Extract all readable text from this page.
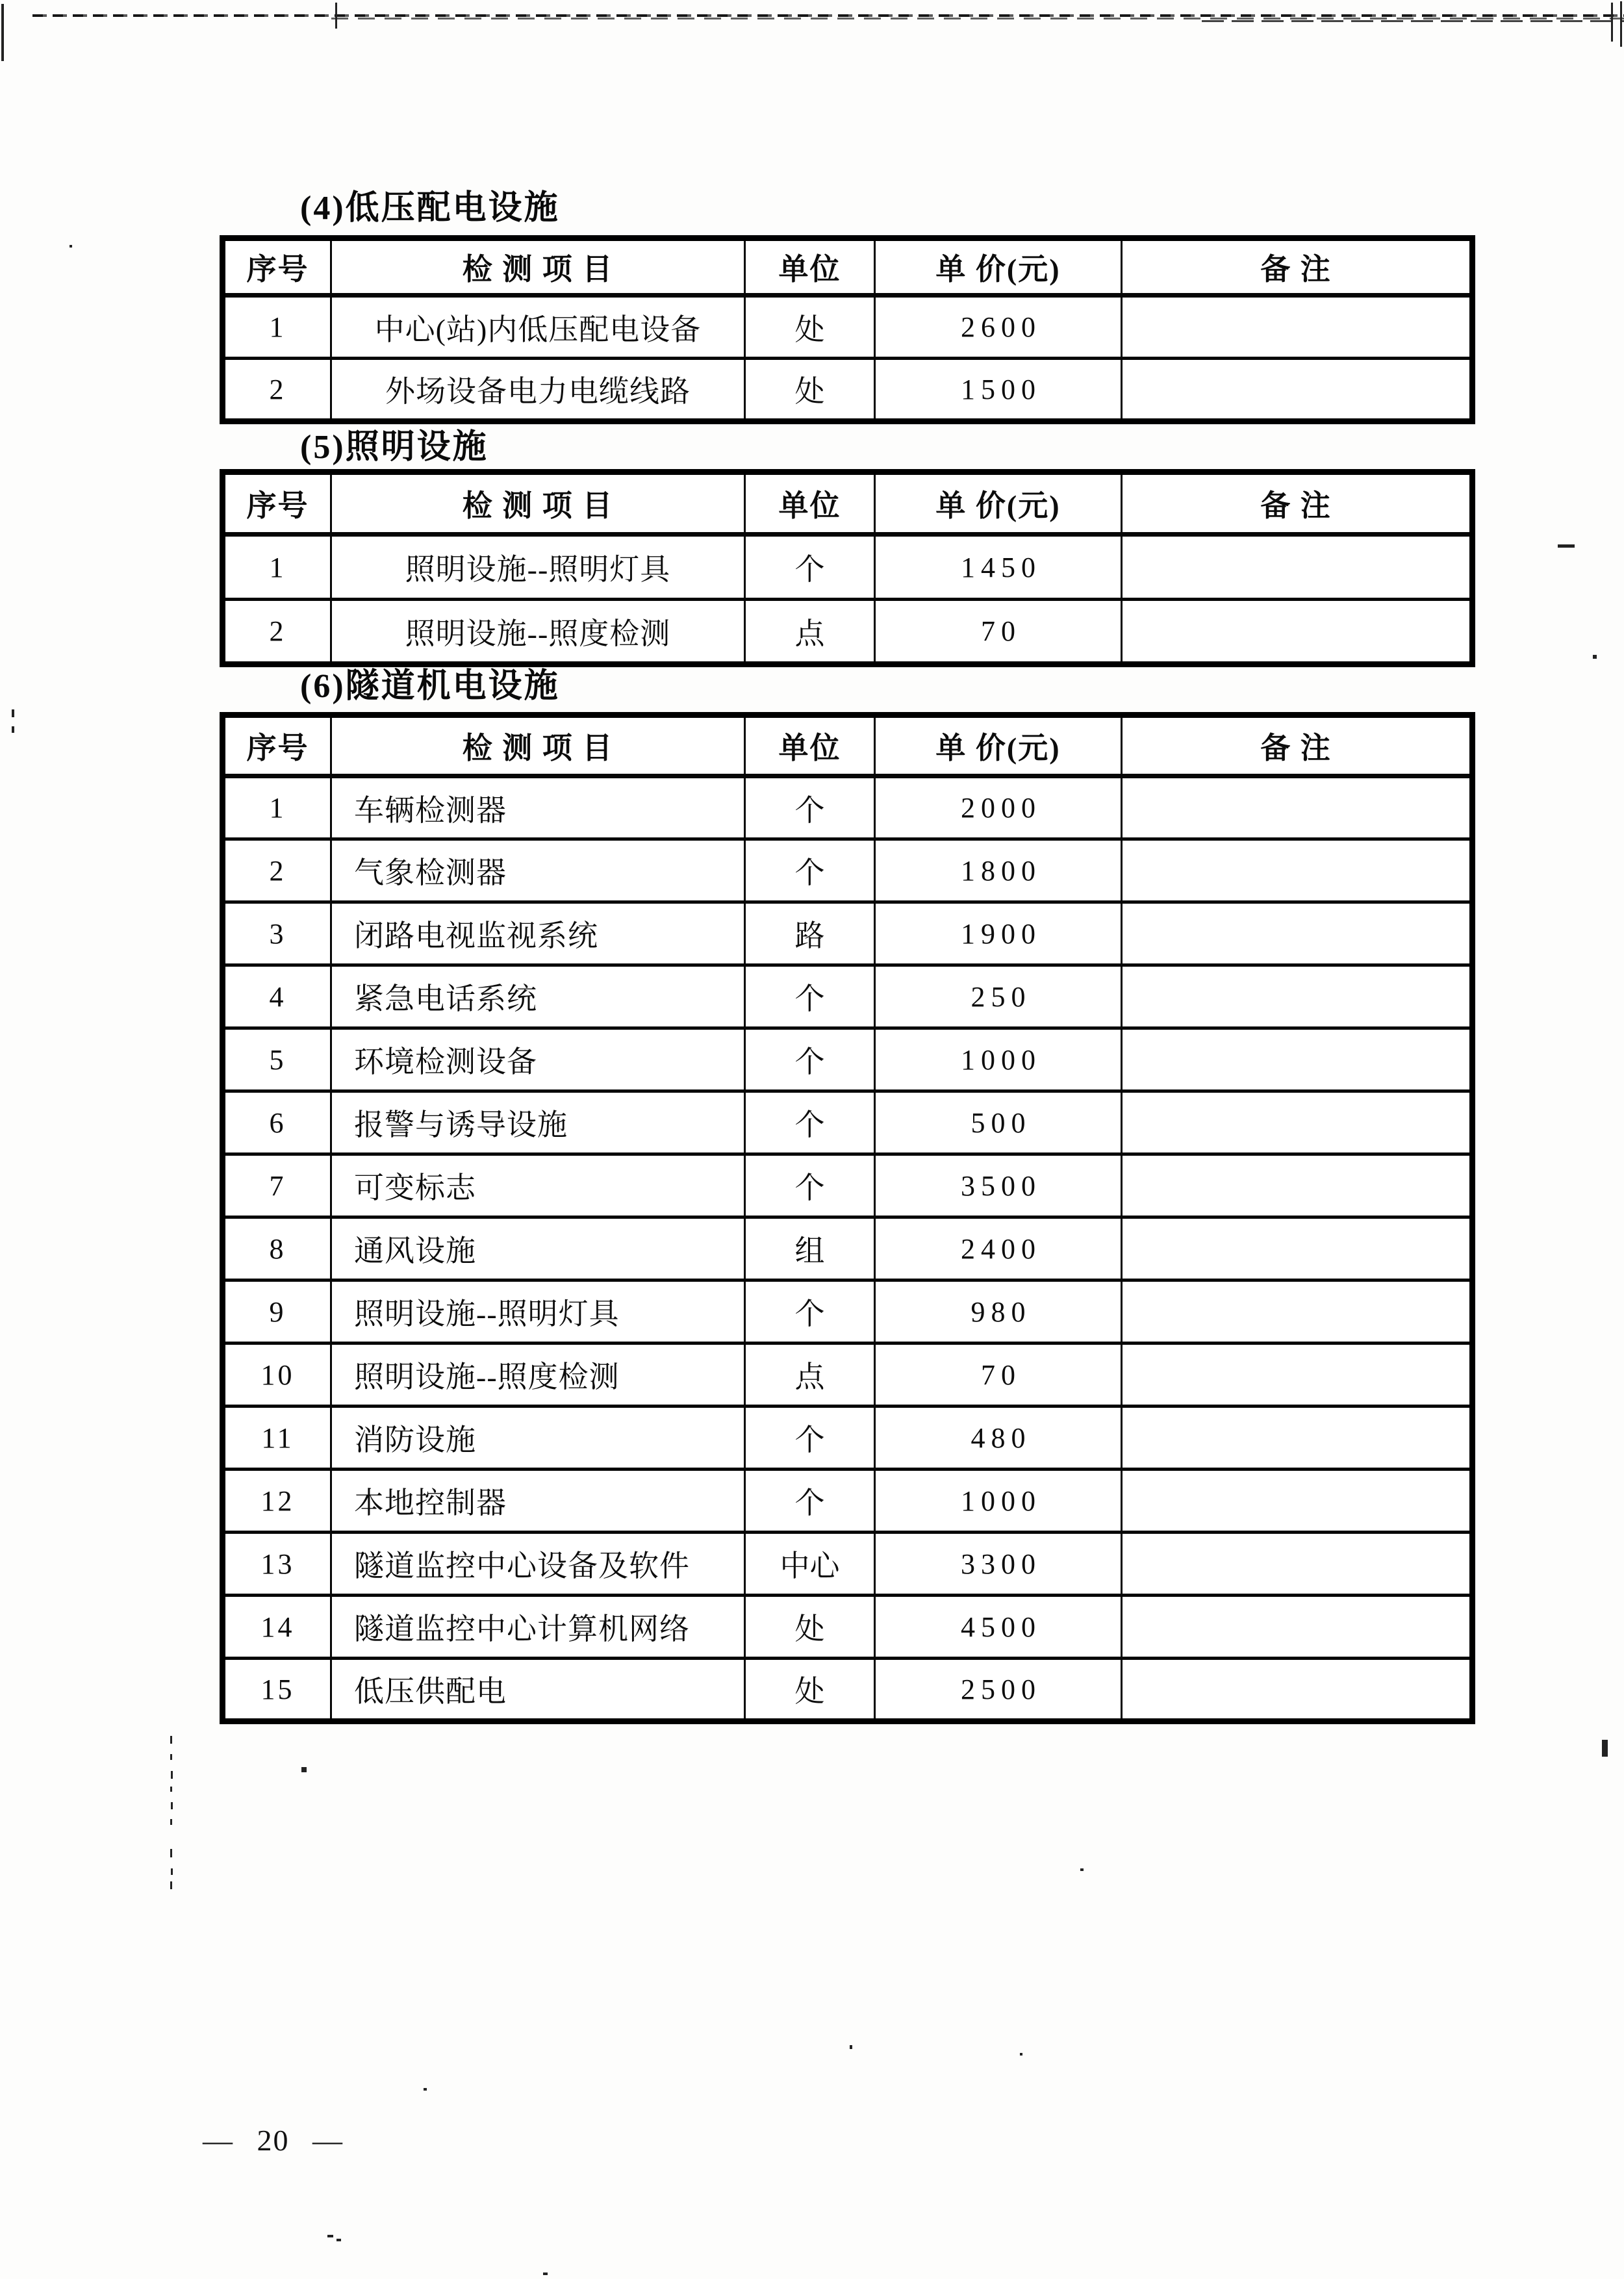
(4)低压配电设施
序号	检 测 项 目	单位	单 价(元)	备 注
1	中心(站)内低压配电设备	处	2600	
2	外场设备电力电缆线路	处	1500	
(5)照明设施
序号	检 测 项 目	单位	单 价(元)	备 注
1	照明设施--照明灯具	个	1450	
2	照明设施--照度检测	点	70	
(6)隧道机电设施
序号	检 测 项 目	单位	单 价(元)	备 注
1	车辆检测器	个	2000	
2	气象检测器	个	1800	
3	闭路电视监视系统	路	1900	
4	紧急电话系统	个	250	
5	环境检测设备	个	1000	
6	报警与诱导设施	个	500	
7	可变标志	个	3500	
8	通风设施	组	2400	
9	照明设施--照明灯具	个	980	
10	照明设施--照度检测	点	70	
11	消防设施	个	480	
12	本地控制器	个	1000	
13	隧道监控中心设备及软件	中心	3300	
14	隧道监控中心计算机网络	处	4500	
15	低压供配电	处	2500	
— 20 —
